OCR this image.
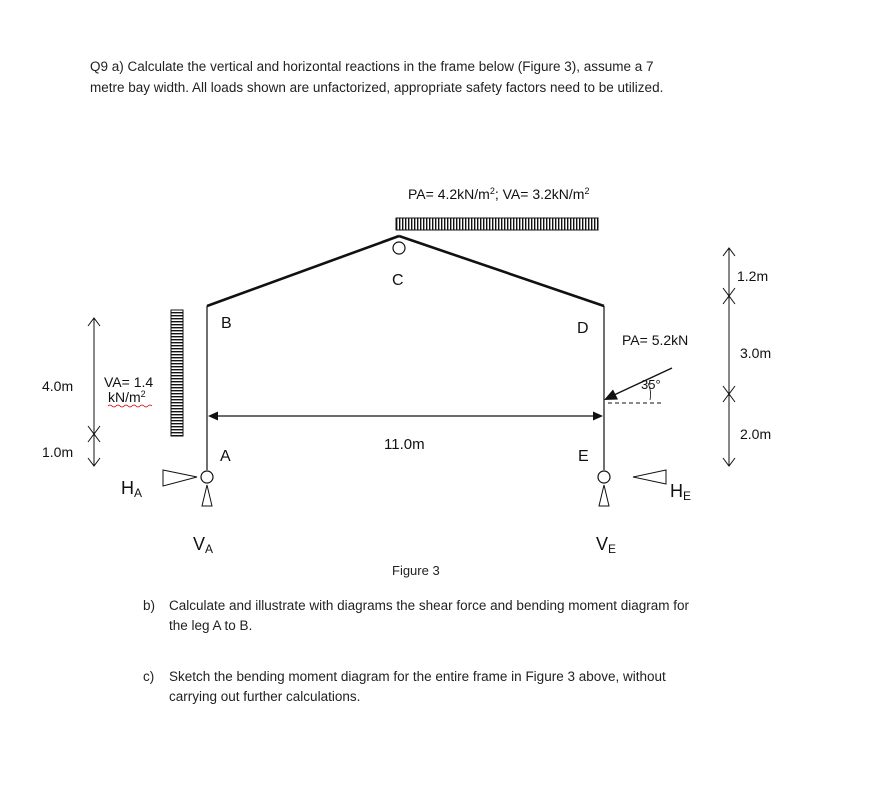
Q9 a) Calculate the vertical and horizontal reactions in the frame below (Figure 3), assume a 7
metre bay width. All loads shown are unfactorized, appropriate safety factors need to be utilized.
$PA= 4.2kN/m^2$; $VA= 3.2kN/m^2$
C
B	D
A	E
11.0m
VA= 1.4
$kN/m^2$
4.0m
1.0m
1.2m
3.0m
2.0m
PA= 5.2kN
35°
HA
VA	VE
HE
Figure 3
b) Calculate and illustrate with diagrams the shear force and bending moment diagram for
the leg A to B.
c) Sketch the bending moment diagram for the entire frame in Figure 3 above, without
carrying out further calculations.
